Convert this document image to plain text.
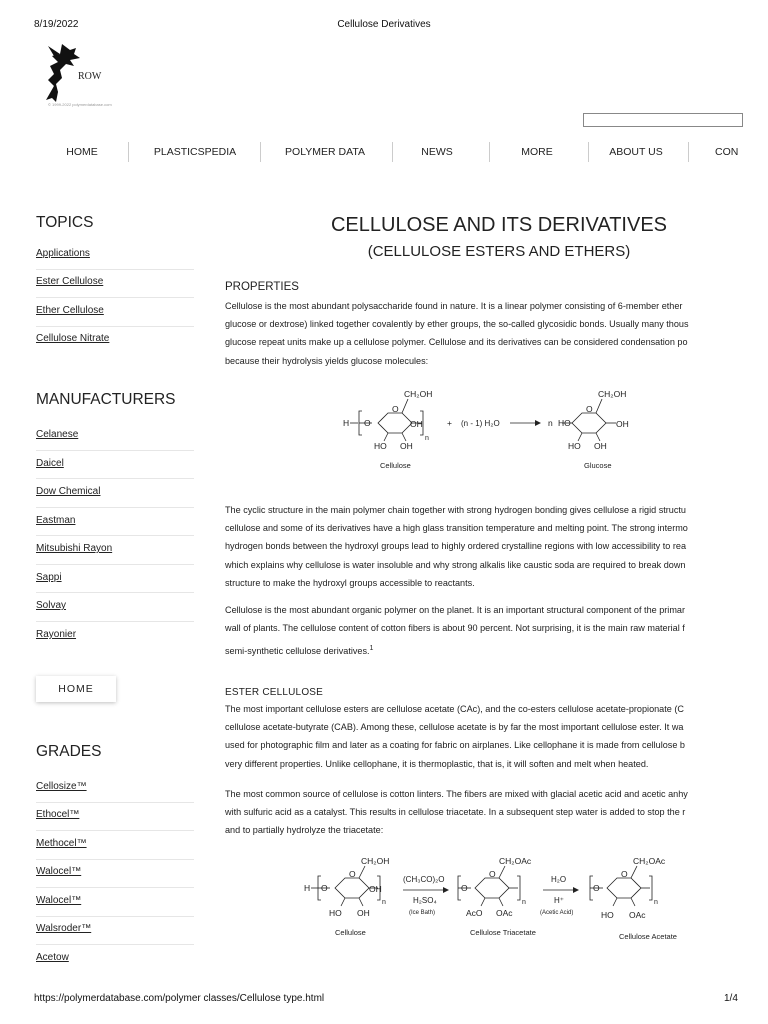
8/19/2022	Cellulose Derivatives
ROW
© 1999-2022 polymerdatabase.com
HOME	PLASTICSPEDIA	POLYMER DATA	NEWS	MORE	ABOUT US	CON
TOPICS
Applications
Ester Cellulose
Ether Cellulose
Cellulose Nitrate
MANUFACTURERS
Celanese
Daicel
Dow Chemical
Eastman
Mitsubishi Rayon
Sappi
Solvay
Rayonier
HOME
GRADES
Cellosize™
Ethocel™
Methocel™
Walocel™
Walocel™
Walsroder™
Acetow
CELLULOSE AND ITS DERIVATIVES
(CELLULOSE ESTERS AND ETHERS)
PROPERTIES
Cellulose is the most abundant polysaccharide found in nature. It is a linear polymer consisting of 6-member ether
glucose or dextrose) linked together covalently by ether groups, the so-called glycosidic bonds. Usually many thous
glucose repeat units make up a cellulose polymer. Cellulose and its derivatives can be considered condensation po
because their hydrolysis yields glucose molecules:
H O
O
CH₂OH
OH
n
HO OH
+ (n - 1) H₂O	n HO
O
CH₂OH
OH
HO OH
Cellulose	Glucose
The cyclic structure in the main polymer chain together with strong hydrogen bonding gives cellulose a rigid structu
cellulose and some of its derivatives have a high glass transition temperature and melting point. The strong intermo
hydrogen bonds between the hydroxyl groups lead to highly ordered crystalline regions with low accessibility to rea
which explains why cellulose is water insoluble and why strong alkalis like caustic soda are required to break down
structure to make the hydroxyl groups accessible to reactants.
Cellulose is the most abundant organic polymer on the planet. It is an important structural component of the primar
wall of plants. The cellulose content of cotton fibers is about 90 percent. Not surprising, it is the main raw material f
semi-synthetic cellulose derivatives.$^1$
ESTER CELLULOSE
The most important cellulose esters are cellulose acetate (CAc), and the co-esters cellulose acetate-propionate (C
cellulose acetate-butyrate (CAB). Among these, cellulose acetate is by far the most important cellulose ester. It wa
used for photographic film and later as a coating for fabric on airplanes. Like cellophane it is made from cellulose b
very different properties. Unlike cellophane, it is thermoplastic, that is, it will soften and melt when heated.
The most common source of cellulose is cotton linters. The fibers are mixed with glacial acetic acid and acetic anhy
with sulfuric acid as a catalyst. This results in cellulose triacetate. In a subsequent step water is added to stop the r
and to partially hydrolyze the triacetate:
H O
O
CH₂OH
OH
n
HO OH
(CH₃CO)₂O
H₂SO₄
(Ice Bath)
O
O
CH₂OAc
n
AcO OAc
H₂O
H⁺
(Acetic Acid)
O
O
CH₂OAc
n
HO OAc
Cellulose	Cellulose Triacetate	Cellulose Acetate
https://polymerdatabase.com/polymer classes/Cellulose type.html	1/4
